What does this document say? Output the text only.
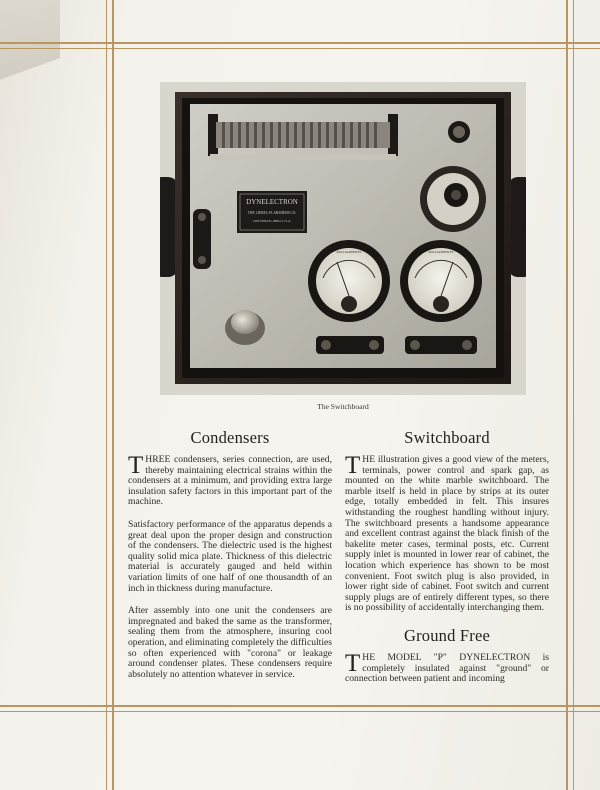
DYNELECTRON
THE LIEBEL-FLARSHEIM CO.
CINCINNATI, OHIO, U.S.A.
MILLIAMPERES	MILLIAMPERES
The Switchboard
Condensers

THREE condensers, series connection, are used, thereby maintaining electrical strains within the condensers at a minimum, and providing extra large insulation safety factors in this important part of the machine.

Satisfactory performance of the apparatus depends a great deal upon the proper design and construction of the condensers. The dielectric used is the highest quality solid mica plate. Thickness of this dielectric material is accurately gauged and held within variation limits of one half of one thousandth of an inch in thickness during manufacture.

After assembly into one unit the condensers are impregnated and baked the same as the transformer, sealing them from the atmosphere, insuring cool operation, and eliminating completely the difficulties so often experienced with "corona" or leakage around condenser plates. These condensers require absolutely no attention whatever in service.

Switchboard

THE illustration gives a good view of the meters, terminals, power control and spark gap, as mounted on the white marble switchboard. The marble itself is held in place by strips at its outer edge, totally embedded in felt. This insures withstanding the roughest handling without injury. The switchboard presents a handsome appearance and excellent contrast against the black finish of the bakelite meter cases, terminal posts, etc. Current supply inlet is mounted in lower rear of cabinet, the location which experience has shown to be most convenient. Foot switch plug is also provided, in lower right side of cabinet. Foot switch and current supply plugs are of entirely different types, so there is no possibility of accidentally interchanging them.

Ground Free

THE MODEL "P" DYNELECTRON is completely insulated against "ground" or connection between patient and incoming
